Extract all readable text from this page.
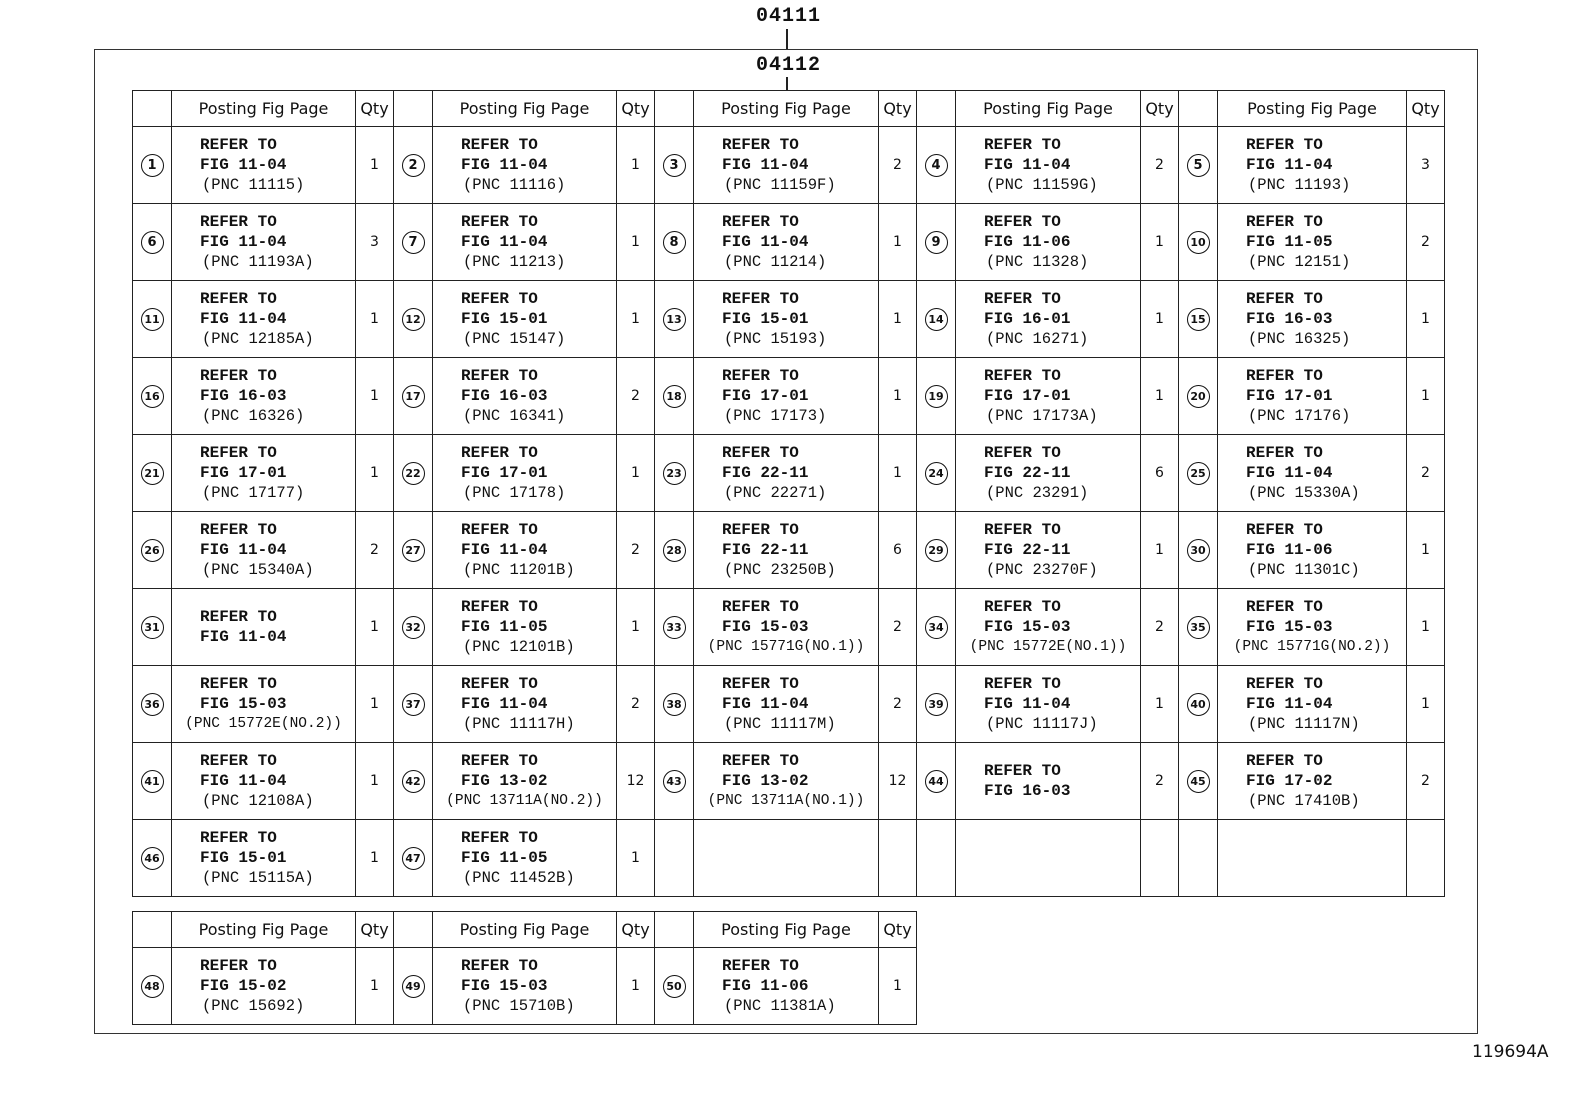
04111
04112
119694A
	Posting Fig Page	Qty		Posting Fig Page	Qty		Posting Fig Page	Qty		Posting Fig Page	Qty		Posting Fig Page	Qty
1	REFER TO
FIG 11-04
(PNC 11115)	1	2	REFER TO
FIG 11-04
(PNC 11116)	1	3	REFER TO
FIG 11-04
(PNC 11159F)	2	4	REFER TO
FIG 11-04
(PNC 11159G)	2	5	REFER TO
FIG 11-04
(PNC 11193)	3
6	REFER TO
FIG 11-04
(PNC 11193A)	3	7	REFER TO
FIG 11-04
(PNC 11213)	1	8	REFER TO
FIG 11-04
(PNC 11214)	1	9	REFER TO
FIG 11-06
(PNC 11328)	1	10	REFER TO
FIG 11-05
(PNC 12151)	2
11	REFER TO
FIG 11-04
(PNC 12185A)	1	12	REFER TO
FIG 15-01
(PNC 15147)	1	13	REFER TO
FIG 15-01
(PNC 15193)	1	14	REFER TO
FIG 16-01
(PNC 16271)	1	15	REFER TO
FIG 16-03
(PNC 16325)	1
16	REFER TO
FIG 16-03
(PNC 16326)	1	17	REFER TO
FIG 16-03
(PNC 16341)	2	18	REFER TO
FIG 17-01
(PNC 17173)	1	19	REFER TO
FIG 17-01
(PNC 17173A)	1	20	REFER TO
FIG 17-01
(PNC 17176)	1
21	REFER TO
FIG 17-01
(PNC 17177)	1	22	REFER TO
FIG 17-01
(PNC 17178)	1	23	REFER TO
FIG 22-11
(PNC 22271)	1	24	REFER TO
FIG 22-11
(PNC 23291)	6	25	REFER TO
FIG 11-04
(PNC 15330A)	2
26	REFER TO
FIG 11-04
(PNC 15340A)	2	27	REFER TO
FIG 11-04
(PNC 11201B)	2	28	REFER TO
FIG 22-11
(PNC 23250B)	6	29	REFER TO
FIG 22-11
(PNC 23270F)	1	30	REFER TO
FIG 11-06
(PNC 11301C)	1
31	REFER TO
FIG 11-04	1	32	REFER TO
FIG 11-05
(PNC 12101B)	1	33	REFER TO
FIG 15-03
(PNC 15771G(NO.1))	2	34	REFER TO
FIG 15-03
(PNC 15772E(NO.1))	2	35	REFER TO
FIG 15-03
(PNC 15771G(NO.2))	1
36	REFER TO
FIG 15-03
(PNC 15772E(NO.2))	1	37	REFER TO
FIG 11-04
(PNC 11117H)	2	38	REFER TO
FIG 11-04
(PNC 11117M)	2	39	REFER TO
FIG 11-04
(PNC 11117J)	1	40	REFER TO
FIG 11-04
(PNC 11117N)	1
41	REFER TO
FIG 11-04
(PNC 12108A)	1	42	REFER TO
FIG 13-02
(PNC 13711A(NO.2))	12	43	REFER TO
FIG 13-02
(PNC 13711A(NO.1))	12	44	REFER TO
FIG 16-03	2	45	REFER TO
FIG 17-02
(PNC 17410B)	2
46	REFER TO
FIG 15-01
(PNC 15115A)	1	47	REFER TO
FIG 11-05
(PNC 11452B)	1									
	Posting Fig Page	Qty		Posting Fig Page	Qty		Posting Fig Page	Qty
48	REFER TO
FIG 15-02
(PNC 15692)	1	49	REFER TO
FIG 15-03
(PNC 15710B)	1	50	REFER TO
FIG 11-06
(PNC 11381A)	1
